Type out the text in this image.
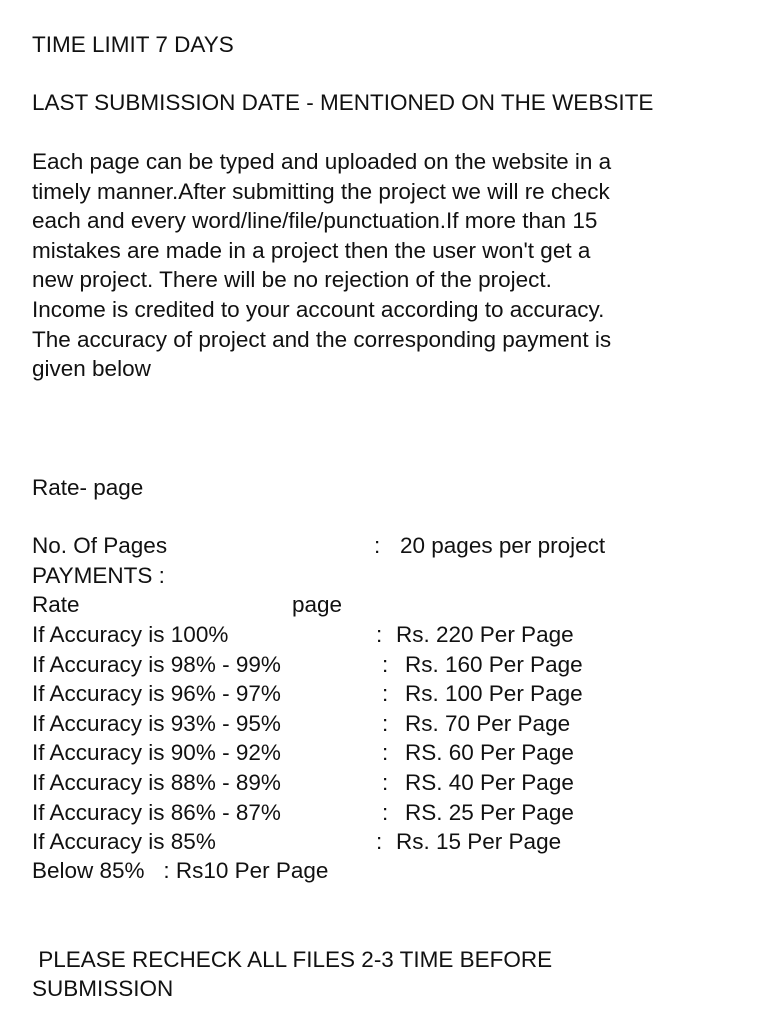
TIME LIMIT 7 DAYS
LAST SUBMISSION DATE - MENTIONED ON THE WEBSITE
Each page can be typed and uploaded on the website in a
timely manner.After submitting the project we will re check
each and every word/line/file/punctuation.If more than 15
mistakes are made in a project then the user won't get a
new project. There will be no rejection of the project.
Income is credited to your account according to accuracy.
The accuracy of project and the corresponding payment is
given below
Rate- page
No. Of Pages	: 20 pages per project
PAYMENTS :
Rate	page
If Accuracy is 100%	: Rs. 220 Per Page
If Accuracy is 98% - 99%	: Rs. 160 Per Page
If Accuracy is 96% - 97%	: Rs. 100 Per Page
If Accuracy is 93% - 95%	: Rs. 70 Per Page
If Accuracy is 90% - 92%	: RS. 60 Per Page
If Accuracy is 88% - 89%	: RS. 40 Per Page
If Accuracy is 86% - 87%	: RS. 25 Per Page
If Accuracy is 85%	: Rs. 15 Per Page
Below 85%   : Rs10 Per Page
PLEASE RECHECK ALL FILES 2-3 TIME BEFORE
SUBMISSION
